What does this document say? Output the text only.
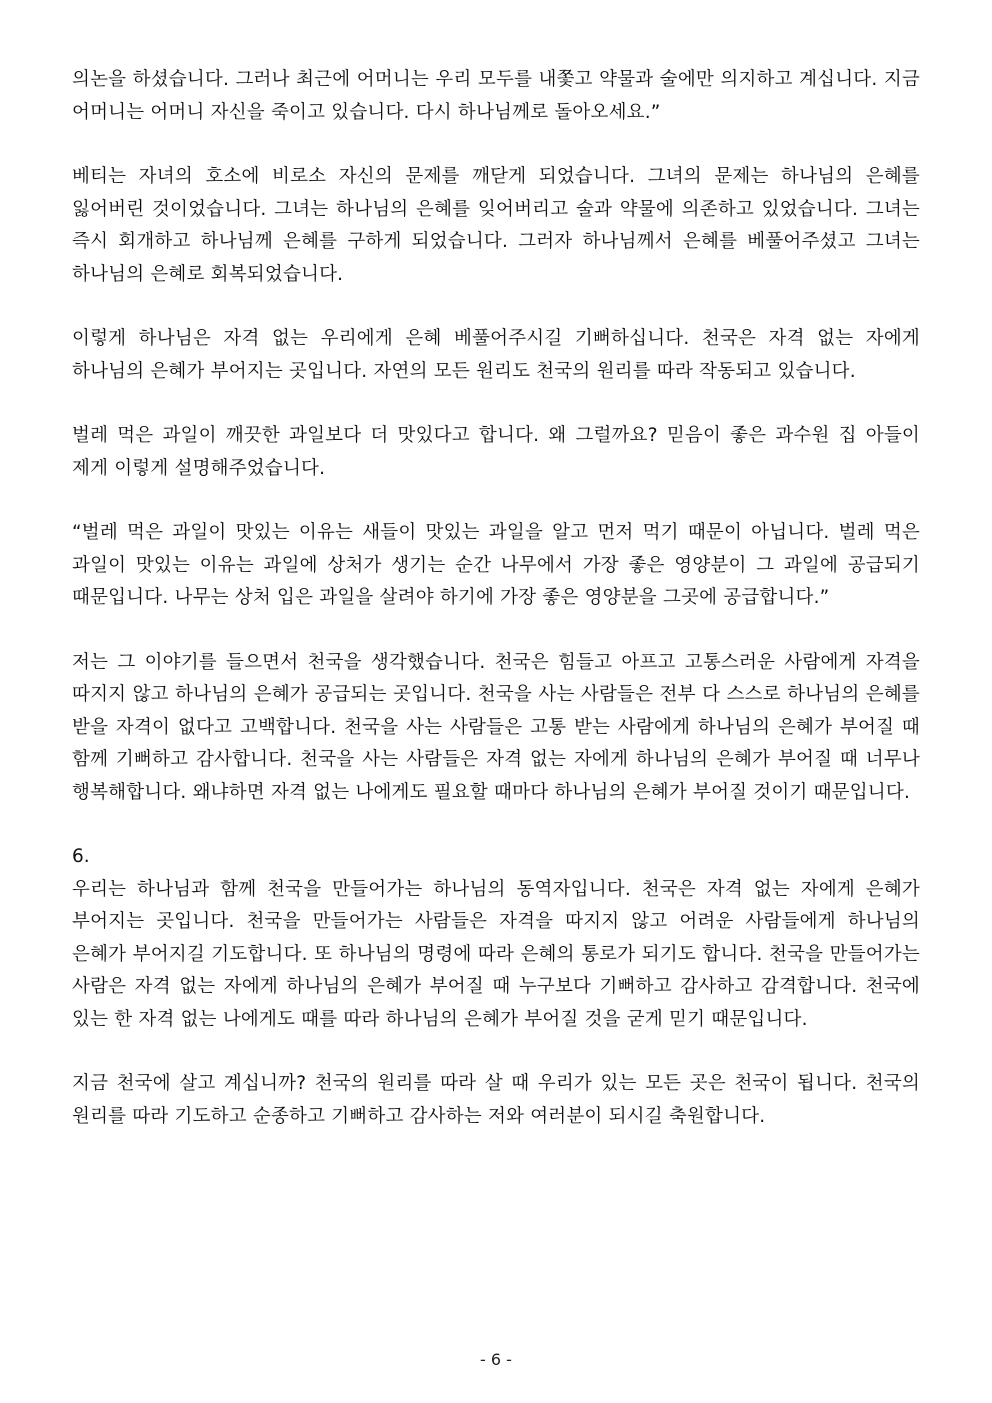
의논을 하셨습니다. 그러나 최근에 어머니는 우리 모두를 내쫓고 약물과 술에만 의지하고 계십니다. 지금 어머니는 어머니 자신을 죽이고 있습니다. 다시 하나님께로 돌아오세요.”

베티는 자녀의 호소에 비로소 자신의 문제를 깨닫게 되었습니다. 그녀의 문제는 하나님의 은혜를 잃어버린 것이었습니다. 그녀는 하나님의 은혜를 잊어버리고 술과 약물에 의존하고 있었습니다. 그녀는 즉시 회개하고 하나님께 은혜를 구하게 되었습니다. 그러자 하나님께서 은혜를 베풀어주셨고 그녀는 하나님의 은혜로 회복되었습니다.

이렇게 하나님은 자격 없는 우리에게 은혜 베풀어주시길 기뻐하십니다. 천국은 자격 없는 자에게 하나님의 은혜가 부어지는 곳입니다. 자연의 모든 원리도 천국의 원리를 따라 작동되고 있습니다.

벌레 먹은 과일이 깨끗한 과일보다 더 맛있다고 합니다. 왜 그럴까요? 믿음이 좋은 과수원 집 아들이 제게 이렇게 설명해주었습니다.

“벌레 먹은 과일이 맛있는 이유는 새들이 맛있는 과일을 알고 먼저 먹기 때문이 아닙니다. 벌레 먹은 과일이 맛있는 이유는 과일에 상처가 생기는 순간 나무에서 가장 좋은 영양분이 그 과일에 공급되기 때문입니다. 나무는 상처 입은 과일을 살려야 하기에 가장 좋은 영양분을 그곳에 공급합니다.”

저는 그 이야기를 들으면서 천국을 생각했습니다. 천국은 힘들고 아프고 고통스러운 사람에게 자격을 따지지 않고 하나님의 은혜가 공급되는 곳입니다. 천국을 사는 사람들은 전부 다 스스로 하나님의 은혜를 받을 자격이 없다고 고백합니다. 천국을 사는 사람들은 고통 받는 사람에게 하나님의 은혜가 부어질 때 함께 기뻐하고 감사합니다. 천국을 사는 사람들은 자격 없는 자에게 하나님의 은혜가 부어질 때 너무나 행복해합니다. 왜냐하면 자격 없는 나에게도 필요할 때마다 하나님의 은혜가 부어질 것이기 때문입니다.

6.

우리는 하나님과 함께 천국을 만들어가는 하나님의 동역자입니다. 천국은 자격 없는 자에게 은혜가 부어지는 곳입니다. 천국을 만들어가는 사람들은 자격을 따지지 않고 어려운 사람들에게 하나님의 은혜가 부어지길 기도합니다. 또 하나님의 명령에 따라 은혜의 통로가 되기도 합니다. 천국을 만들어가는 사람은 자격 없는 자에게 하나님의 은혜가 부어질 때 누구보다 기뻐하고 감사하고 감격합니다. 천국에 있는 한 자격 없는 나에게도 때를 따라 하나님의 은혜가 부어질 것을 굳게 믿기 때문입니다.

지금 천국에 살고 계십니까? 천국의 원리를 따라 살 때 우리가 있는 모든 곳은 천국이 됩니다. 천국의 원리를 따라 기도하고 순종하고 기뻐하고 감사하는 저와 여러분이 되시길 축원합니다.

- 6 -
